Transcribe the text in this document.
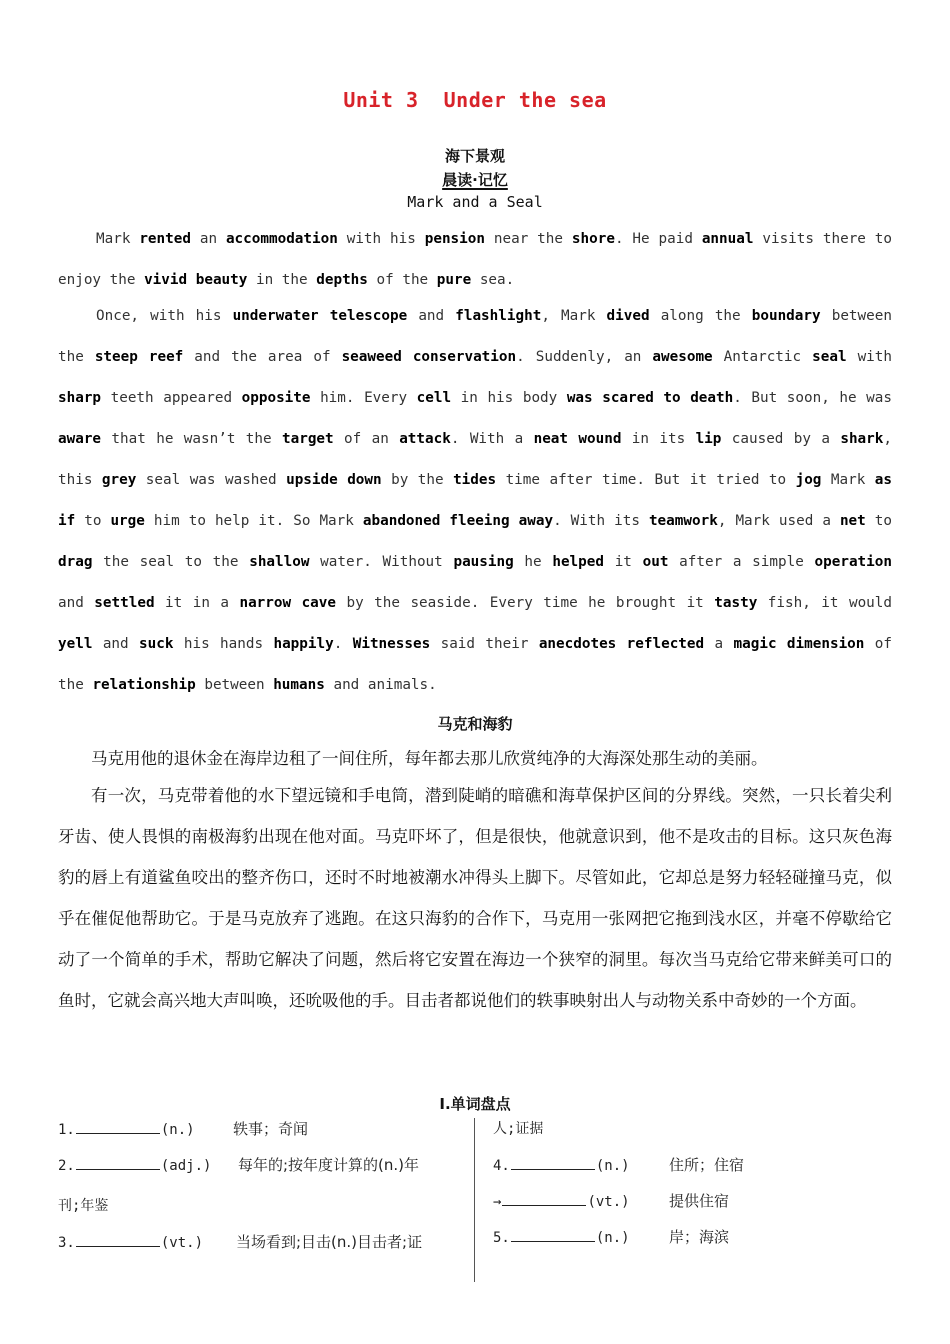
Unit 3  Under the sea
海下景观
晨读·记忆
Mark and a Seal

Mark rented an accommodation with his pension near the shore. He paid annual visits there to enjoy the vivid beauty in the depths of the pure sea.

Once, with his underwater telescope and flashlight, Mark dived along the boundary between the steep reef and the area of seaweed conservation. Suddenly, an awesome Antarctic seal with sharp teeth appeared opposite him. Every cell in his body was scared to death. But soon, he was aware that he wasn’t the target of an attack. With a neat wound in its lip caused by a shark, this grey seal was washed upside down by the tides time after time. But it tried to jog Mark as if to urge him to help it. So Mark abandoned fleeing away. With its teamwork, Mark used a net to drag the seal to the shallow water. Without pausing he helped it out after a simple operation and settled it in a narrow cave by the seaside. Every time he brought it tasty fish, it would yell and suck his hands happily. Witnesses said their anecdotes reflected a magic dimension of the relationship between humans and animals.

马克和海豹

马克用他的退休金在海岸边租了一间住所，每年都去那儿欣赏纯净的大海深处那生动的美丽。

有一次，马克带着他的水下望远镜和手电筒，潜到陡峭的暗礁和海草保护区间的分界线。突然，一只长着尖利牙齿、使人畏惧的南极海豹出现在他对面。马克吓坏了，但是很快，他就意识到，他不是攻击的目标。这只灰色海豹的唇上有道鲨鱼咬出的整齐伤口，还时不时地被潮水冲得头上脚下。尽管如此，它却总是努力轻轻碰撞马克，似乎在催促他帮助它。于是马克放弃了逃跑。在这只海豹的合作下，马克用一张网把它拖到浅水区，并毫不停歇给它动了一个简单的手术，帮助它解决了问题，然后将它安置在海边一个狭窄的洞里。每次当马克给它带来鲜美可口的鱼时，它就会高兴地大声叫唤，还吮吸他的手。目击者都说他们的轶事映射出人与动物关系中奇妙的一个方面。

I.单词盘点
1.	(n.)	轶事；奇闻
2.	(adj.) 每年的;按年度计算的(n.)年
刊;年鉴
3.	(vt.) 当场看到;目击(n.)目击者;证
人;证据
4.	(n.)	住所；住宿
→	(vt.)	提供住宿
5.	(n.)	岸；海滨
